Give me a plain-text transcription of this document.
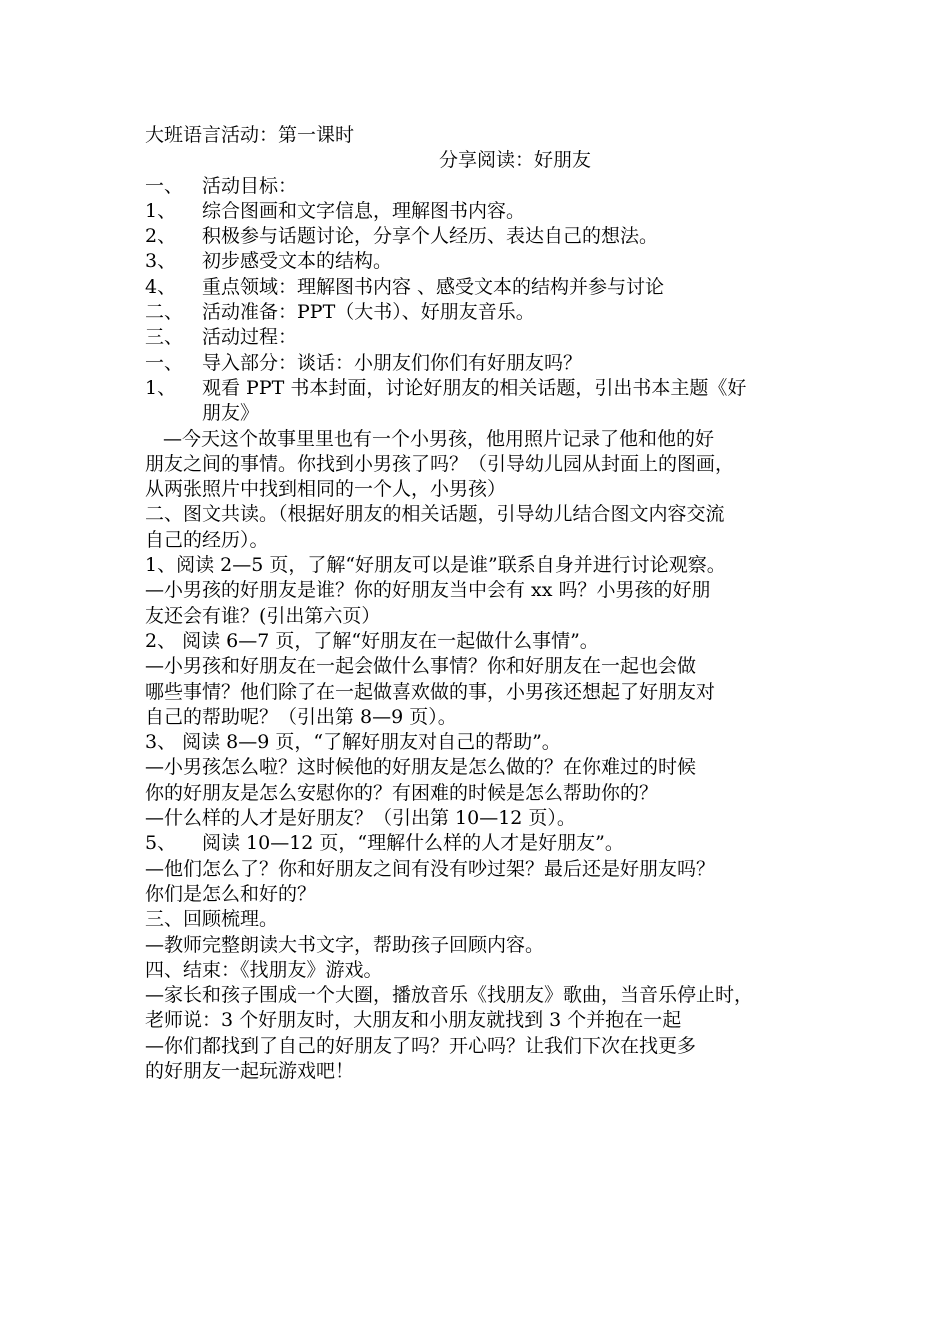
大班语言活动：第一课时
分享阅读：好朋友
一、 活动目标：
1、 综合图画和文字信息，理解图书内容。
2、 积极参与话题讨论，分享个人经历、表达自己的想法。
3、 初步感受文本的结构。
4、 重点领域：理解图书内容 、感受文本的结构并参与讨论
二、 活动准备：PPT（大书）、好朋友音乐。
三、 活动过程：
一、 导入部分：谈话：小朋友们你们有好朋友吗？
1、 观看 PPT 书本封面，讨论好朋友的相关话题，引出书本主题《好
朋友》
—今天这个故事里里也有一个小男孩，他用照片记录了他和他的好
朋友之间的事情。你找到小男孩了吗？（引导幼儿园从封面上的图画，
从两张照片中找到相同的一个人，小男孩）
二、图文共读。（根据好朋友的相关话题，引导幼儿结合图文内容交流
自己的经历）。
1、阅读 2—5 页，了解“好朋友可以是谁”联系自身并进行讨论观察。
—小男孩的好朋友是谁？你的好朋友当中会有 xx 吗？小男孩的好朋
友还会有谁？(引出第六页）
2、 阅读 6—7 页，了解“好朋友在一起做什么事情”。
—小男孩和好朋友在一起会做什么事情？你和好朋友在一起也会做
哪些事情？他们除了在一起做喜欢做的事，小男孩还想起了好朋友对
自己的帮助呢？（引出第 8—9 页）。
3、 阅读 8—9 页，“了解好朋友对自己的帮助”。
—小男孩怎么啦？这时候他的好朋友是怎么做的？在你难过的时候
你的好朋友是怎么安慰你的？有困难的时候是怎么帮助你的？
—什么样的人才是好朋友？（引出第 10—12 页）。
5、 阅读 10—12 页，“理解什么样的人才是好朋友”。
—他们怎么了？你和好朋友之间有没有吵过架？最后还是好朋友吗？
你们是怎么和好的？
三、回顾梳理。
—教师完整朗读大书文字，帮助孩子回顾内容。
四、结束：《找朋友》游戏。
—家长和孩子围成一个大圈，播放音乐《找朋友》歌曲，当音乐停止时，
老师说：3 个好朋友时，大朋友和小朋友就找到 3 个并抱在一起
—你们都找到了自己的好朋友了吗？开心吗？让我们下次在找更多
的好朋友一起玩游戏吧！
